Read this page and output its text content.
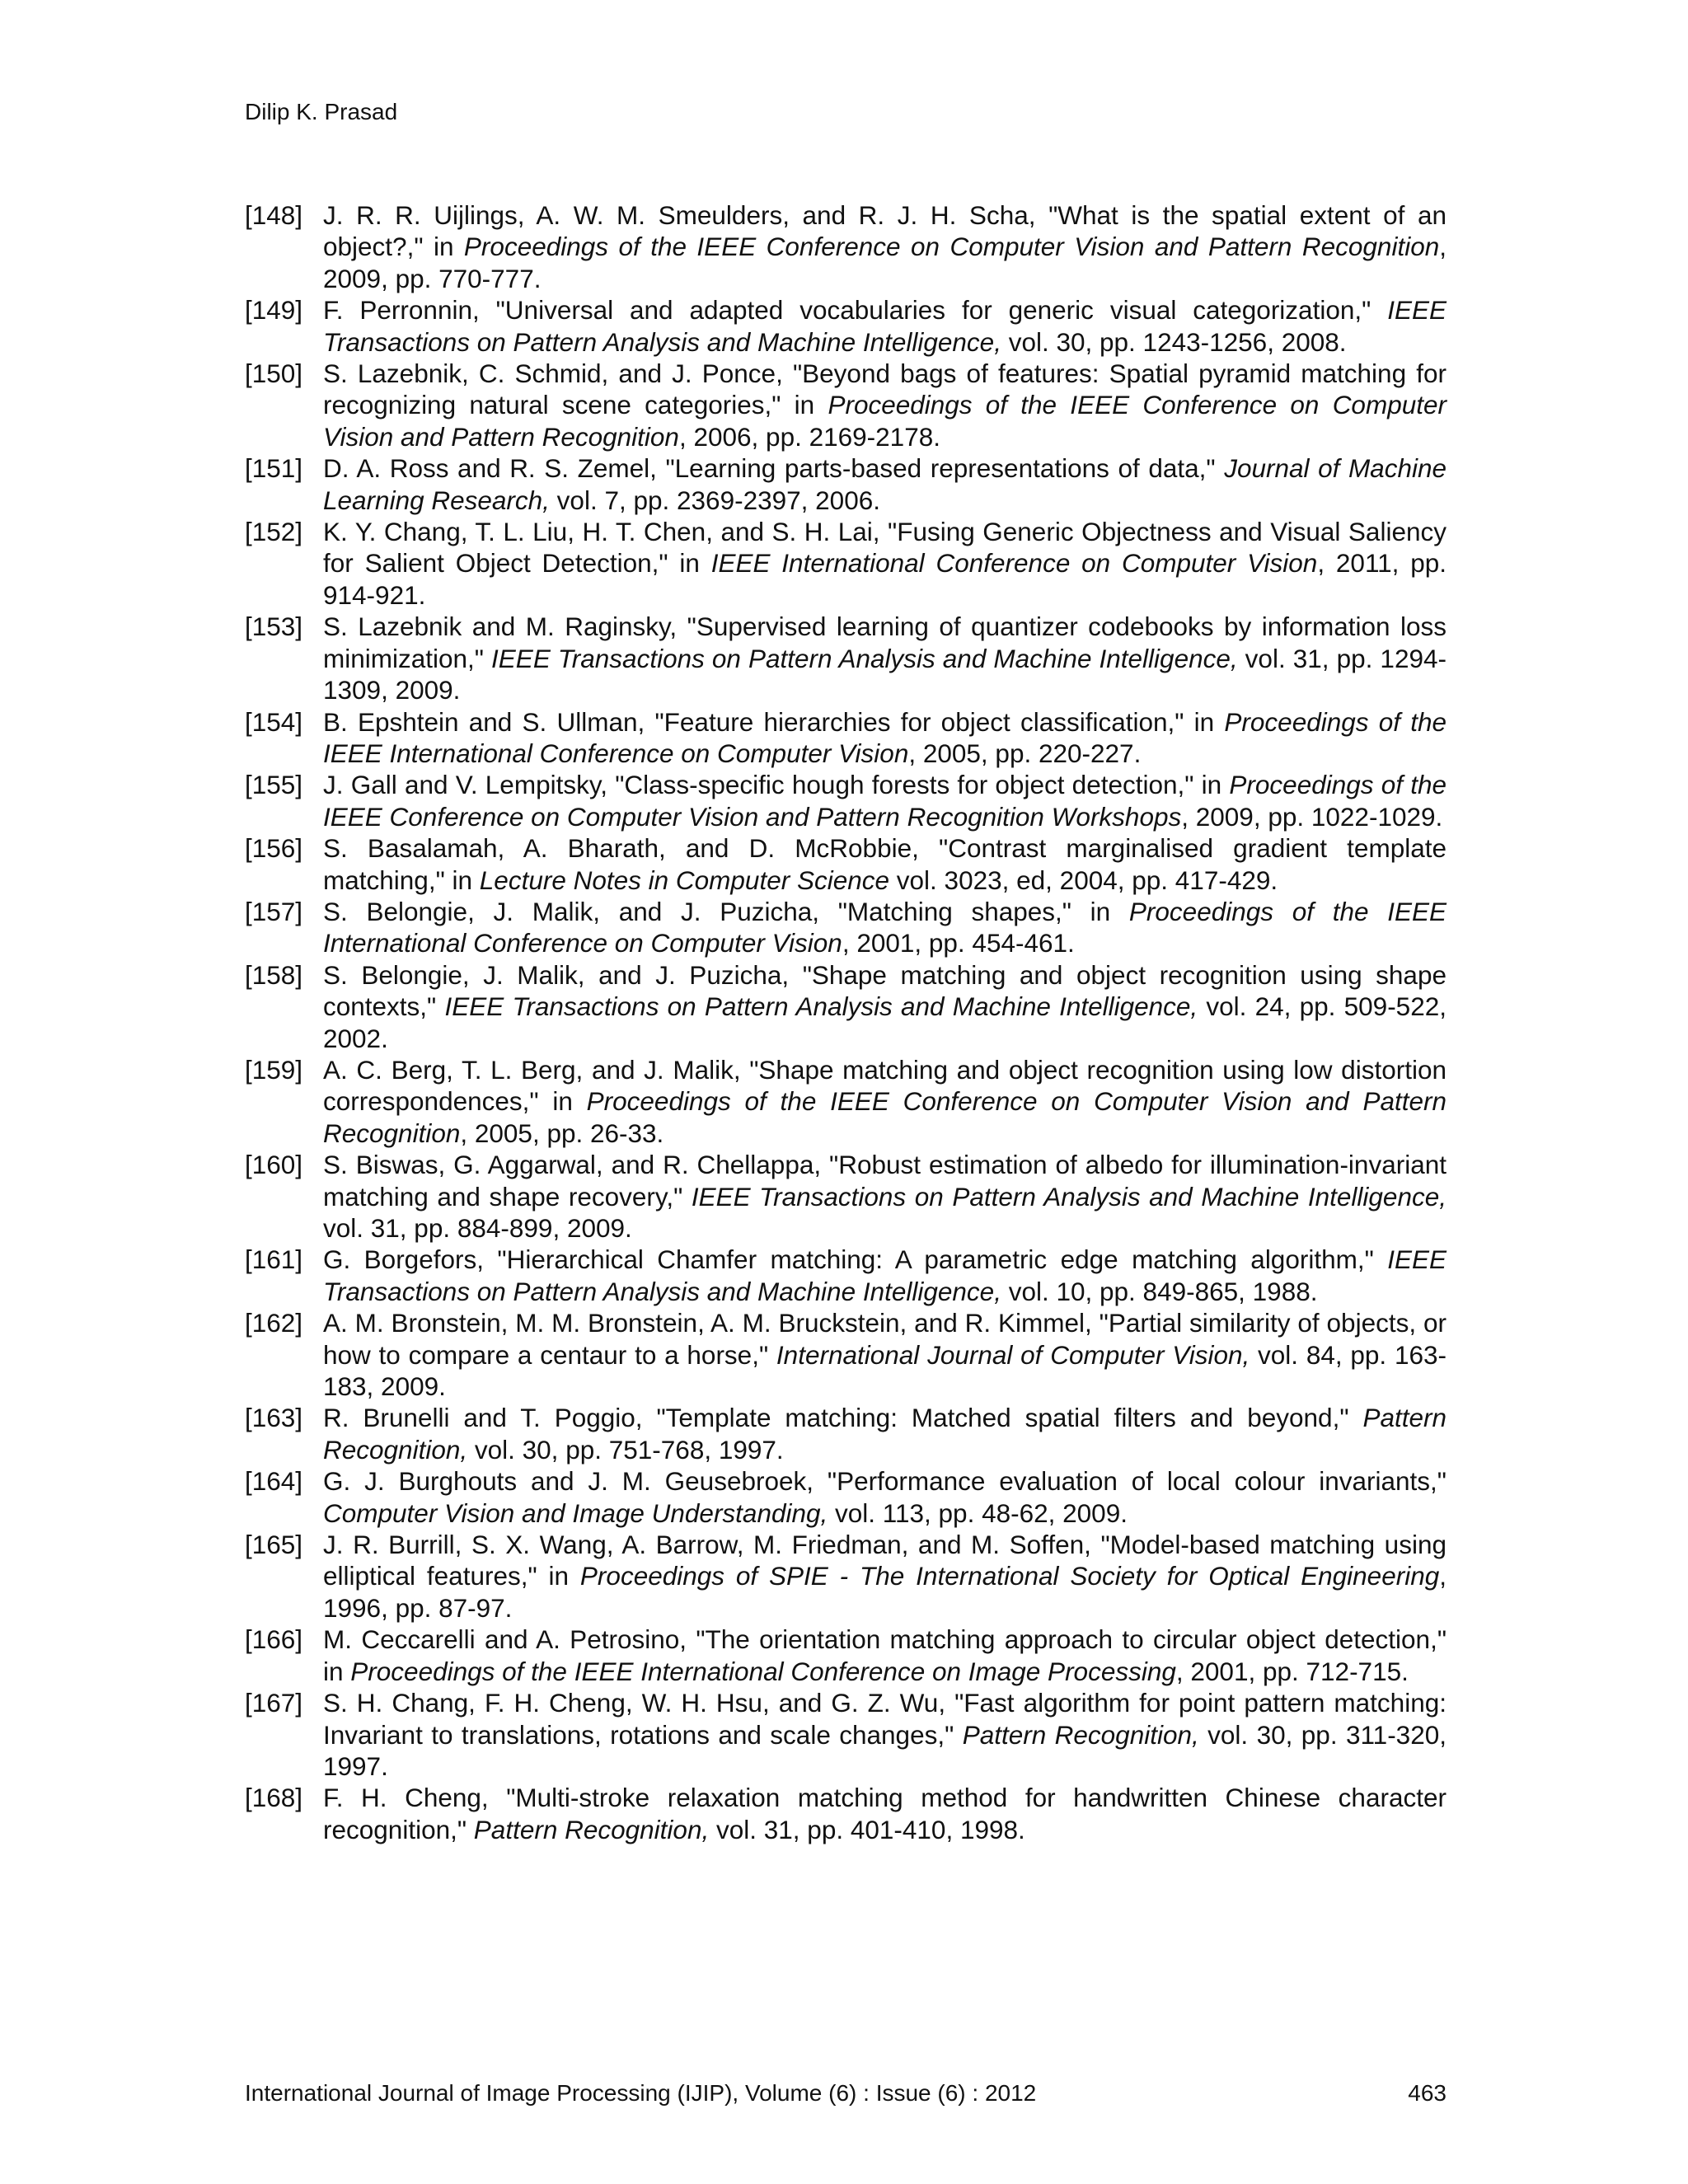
Dilip K. Prasad
[148] J. R. R. Uijlings, A. W. M. Smeulders, and R. J. H. Scha, "What is the spatial extent of an object?," in Proceedings of the IEEE Conference on Computer Vision and Pattern Recognition, 2009, pp. 770-777.
[149] F. Perronnin, "Universal and adapted vocabularies for generic visual categorization," IEEE Transactions on Pattern Analysis and Machine Intelligence, vol. 30, pp. 1243-1256, 2008.
[150] S. Lazebnik, C. Schmid, and J. Ponce, "Beyond bags of features: Spatial pyramid matching for recognizing natural scene categories," in Proceedings of the IEEE Conference on Computer Vision and Pattern Recognition, 2006, pp. 2169-2178.
[151] D. A. Ross and R. S. Zemel, "Learning parts-based representations of data," Journal of Machine Learning Research, vol. 7, pp. 2369-2397, 2006.
[152] K. Y. Chang, T. L. Liu, H. T. Chen, and S. H. Lai, "Fusing Generic Objectness and Visual Saliency for Salient Object Detection," in IEEE International Conference on Computer Vision, 2011, pp. 914-921.
[153] S. Lazebnik and M. Raginsky, "Supervised learning of quantizer codebooks by information loss minimization," IEEE Transactions on Pattern Analysis and Machine Intelligence, vol. 31, pp. 1294-1309, 2009.
[154] B. Epshtein and S. Ullman, "Feature hierarchies for object classification," in Proceedings of the IEEE International Conference on Computer Vision, 2005, pp. 220-227.
[155] J. Gall and V. Lempitsky, "Class-specific hough forests for object detection," in Proceedings of the IEEE Conference on Computer Vision and Pattern Recognition Workshops, 2009, pp. 1022-1029.
[156] S. Basalamah, A. Bharath, and D. McRobbie, "Contrast marginalised gradient template matching," in Lecture Notes in Computer Science vol. 3023, ed, 2004, pp. 417-429.
[157] S. Belongie, J. Malik, and J. Puzicha, "Matching shapes," in Proceedings of the IEEE International Conference on Computer Vision, 2001, pp. 454-461.
[158] S. Belongie, J. Malik, and J. Puzicha, "Shape matching and object recognition using shape contexts," IEEE Transactions on Pattern Analysis and Machine Intelligence, vol. 24, pp. 509-522, 2002.
[159] A. C. Berg, T. L. Berg, and J. Malik, "Shape matching and object recognition using low distortion correspondences," in Proceedings of the IEEE Conference on Computer Vision and Pattern Recognition, 2005, pp. 26-33.
[160] S. Biswas, G. Aggarwal, and R. Chellappa, "Robust estimation of albedo for illumination-invariant matching and shape recovery," IEEE Transactions on Pattern Analysis and Machine Intelligence, vol. 31, pp. 884-899, 2009.
[161] G. Borgefors, "Hierarchical Chamfer matching: A parametric edge matching algorithm," IEEE Transactions on Pattern Analysis and Machine Intelligence, vol. 10, pp. 849-865, 1988.
[162] A. M. Bronstein, M. M. Bronstein, A. M. Bruckstein, and R. Kimmel, "Partial similarity of objects, or how to compare a centaur to a horse," International Journal of Computer Vision, vol. 84, pp. 163-183, 2009.
[163] R. Brunelli and T. Poggio, "Template matching: Matched spatial filters and beyond," Pattern Recognition, vol. 30, pp. 751-768, 1997.
[164] G. J. Burghouts and J. M. Geusebroek, "Performance evaluation of local colour invariants," Computer Vision and Image Understanding, vol. 113, pp. 48-62, 2009.
[165] J. R. Burrill, S. X. Wang, A. Barrow, M. Friedman, and M. Soffen, "Model-based matching using elliptical features," in Proceedings of SPIE - The International Society for Optical Engineering, 1996, pp. 87-97.
[166] M. Ceccarelli and A. Petrosino, "The orientation matching approach to circular object detection," in Proceedings of the IEEE International Conference on Image Processing, 2001, pp. 712-715.
[167] S. H. Chang, F. H. Cheng, W. H. Hsu, and G. Z. Wu, "Fast algorithm for point pattern matching: Invariant to translations, rotations and scale changes," Pattern Recognition, vol. 30, pp. 311-320, 1997.
[168] F. H. Cheng, "Multi-stroke relaxation matching method for handwritten Chinese character recognition," Pattern Recognition, vol. 31, pp. 401-410, 1998.
International Journal of Image Processing (IJIP), Volume (6) : Issue (6) : 2012	463
